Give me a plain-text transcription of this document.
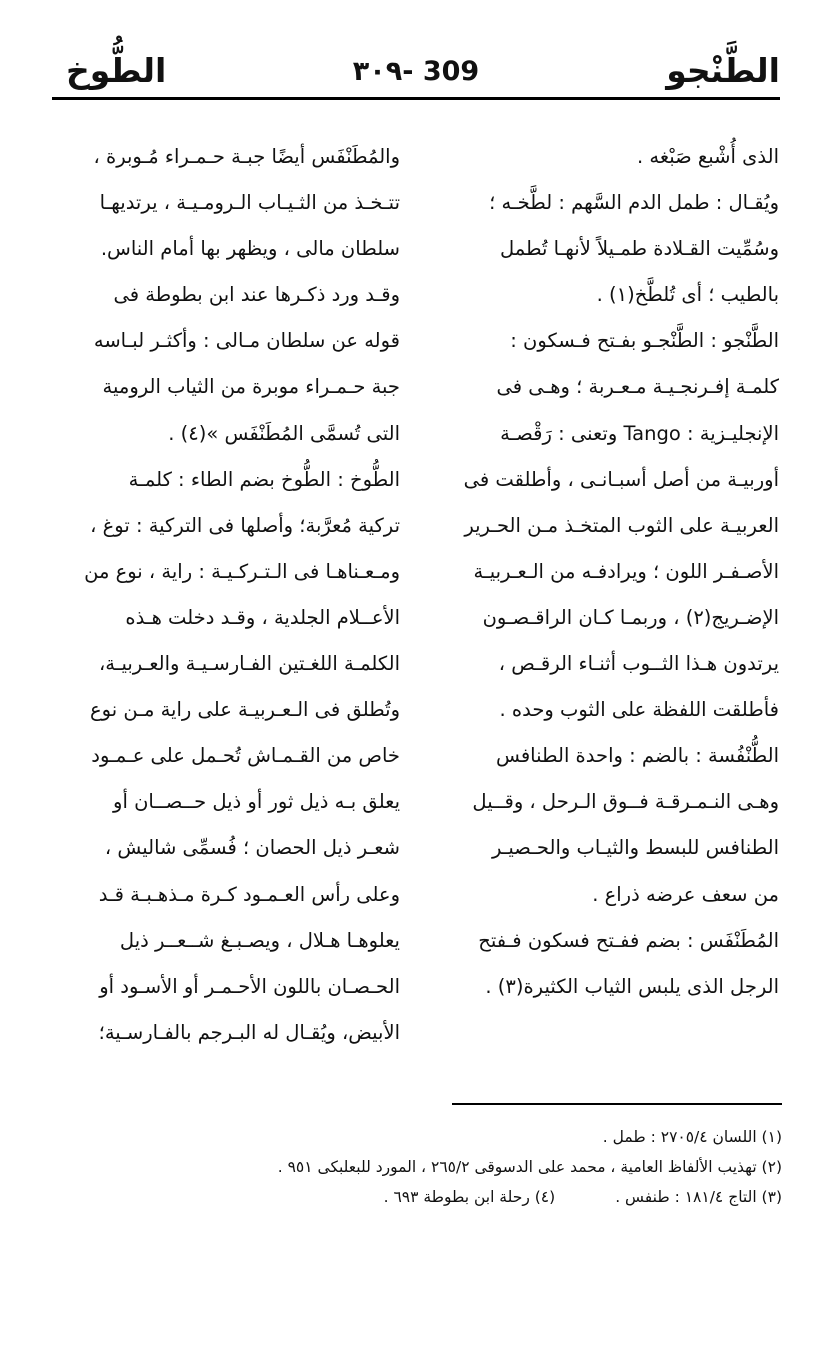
الطَّنْجو
٣٠٩- 309
الطُّوخ
الذى أُشْبع صَبْغه .
ويُقـال : طمل الدم السَّهم : لطَّخـه ؛
وسُمِّيت القـلادة طمـيلاً لأنهـا تُطمل
بالطيب ؛ أى تُلطَّخ(١) .
الطَّنْجو : الطَّنْجـو بفـتح فـسكون :
كلمـة إفـرنجـيـة مـعـربة ؛ وهـى فى
الإنجليـزية : Tango وتعنى : رَقْصـة
أوربيـة من أصل أسبـانـى ، وأطلقت فى
العربيـة على الثوب المتخـذ مـن الحـرير
الأصـفـر اللون ؛ ويرادفـه من الـعـربيـة
الإضـريج(٢) ، وربمـا كـان الراقـصـون
يرتدون هـذا الثــوب أثنـاء الرقـص ،
فأطلقت اللفظة على الثوب وحده .
الطُّنْفُسة : بالضم : واحدة الطنافس
وهـى النـمـرقـة فــوق الـرحل ، وقــيل
الطنافس للبسط والثيـاب والحـصيـر
من سعف عرضه ذراع .
المُطَنْفَس : بضم ففـتح فسكون فـفتح
الرجل الذى يلبس الثياب الكثيرة(٣) .
والمُطَنْفَس أيضًا جبـة حـمـراء مُـوبرة ،
تتـخـذ من الثـيـاب الـرومـيـة ، يرتديهـا
سلطان مالى ، ويظهر بها أمام الناس.
وقـد ورد ذكـرها عند ابن بطوطة فى
قوله عن سلطان مـالى : وأكثـر لبـاسه
جبة حـمـراء موبرة من الثياب الرومية
التى تُسمَّى المُطَنْفَس »(٤) .
الطُّوخ : الطُّوخ بضم الطاء : كلمـة
تركية مُعرَّبة؛ وأصلها فى التركية : توغ ،
ومـعـناهـا فى الـتـركـيـة : راية ، نوع من
الأعــلام الجلدية ، وقـد دخلت هـذه
الكلمـة اللغـتين الفـارسـيـة والعـربيـة،
وتُطلق فى الـعـربيـة على راية مـن نوع
خاص من القـمـاش تُحـمل على عـمـود
يعلق بـه ذيل ثور أو ذيل حــصــان أو
شعـر ذيل الحصان ؛ فُسمِّى شاليش ،
وعلى رأس العـمـود كـرة مـذهـبـة قـد
يعلوهـا هـلال ، ويصـبـغ شــعــر ذيل
الحـصـان باللون الأحـمـر أو الأسـود أو
الأبيض، ويُقـال له البـرجم بالفـارسـية؛
(١) اللسان ٢٧٠٥/٤ : طمل .
(٢) تهذيب الألفاظ العامية ، محمد على الدسوقى ٢٦٥/٢ ، المورد للبعلبكى ٩٥١ .
(٣) التاج ١٨١/٤ : طنفس .(٤) رحلة ابن بطوطة ٦٩٣ .
